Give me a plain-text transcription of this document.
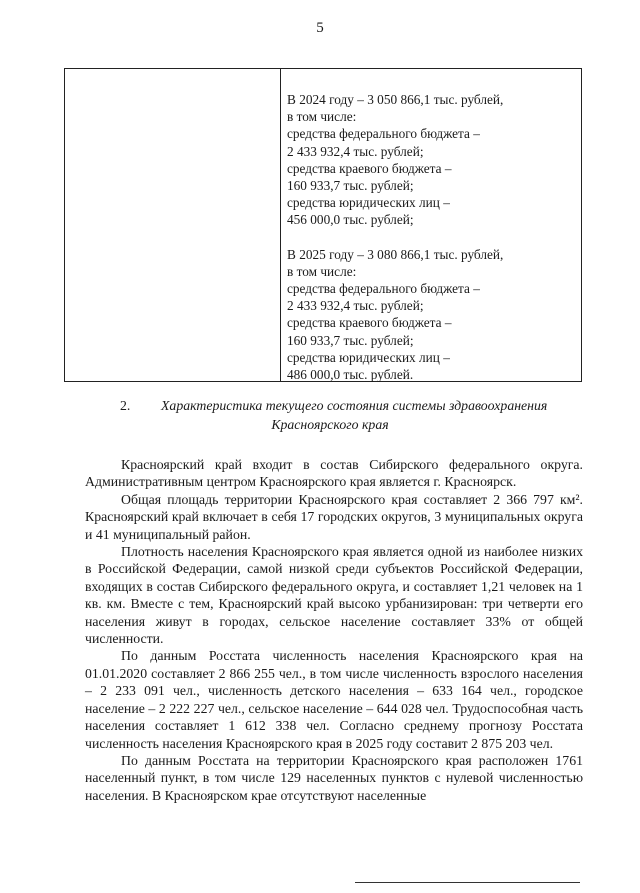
5
В 2024 году – 3 050 866,1 тыс. рублей,
в том числе:
средства федерального бюджета –
2 433 932,4 тыс. рублей;
средства краевого бюджета –
160 933,7 тыс. рублей;
средства юридических лиц –
456 000,0 тыс. рублей;
В 2025 году – 3 080 866,1 тыс. рублей,
в том числе:
средства федерального бюджета –
2 433 932,4 тыс. рублей;
средства краевого бюджета –
160 933,7 тыс. рублей;
средства юридических лиц –
486 000,0 тыс. рублей.
2. Характеристика текущего состояния системы здравоохранения
Красноярского края

Красноярский край входит в состав Сибирского федерального округа. Административным центром Красноярского края является г. Красноярск.

Общая площадь территории Красноярского края составляет 2 366 797 км². Красноярский край включает в себя 17 городских округов, 3 муниципальных округа и 41 муниципальный район.

Плотность населения Красноярского края является одной из наиболее низких в Российской Федерации, самой низкой среди субъектов Российской Федерации, входящих в состав Сибирского федерального округа, и составляет 1,21 человек на 1 кв. км. Вместе с тем, Красноярский край высоко урбанизирован: три четверти его населения живут в городах, сельское население составляет 33% от общей численности.

По данным Росстата численность населения Красноярского края на 01.01.2020 составляет 2 866 255 чел., в том числе численность взрослого населения – 2 233 091 чел., численность детского населения – 633 164 чел., городское население – 2 222 227 чел., сельское население – 644 028 чел. Трудоспособная часть населения составляет 1 612 338 чел. Согласно среднему прогнозу Росстата численность населения Красноярского края в 2025 году составит 2 875 203 чел.

По данным Росстата на территории Красноярского края расположен 1761 населенный пункт, в том числе 129 населенных пунктов с нулевой численностью населения. В Красноярском крае отсутствуют населенные
